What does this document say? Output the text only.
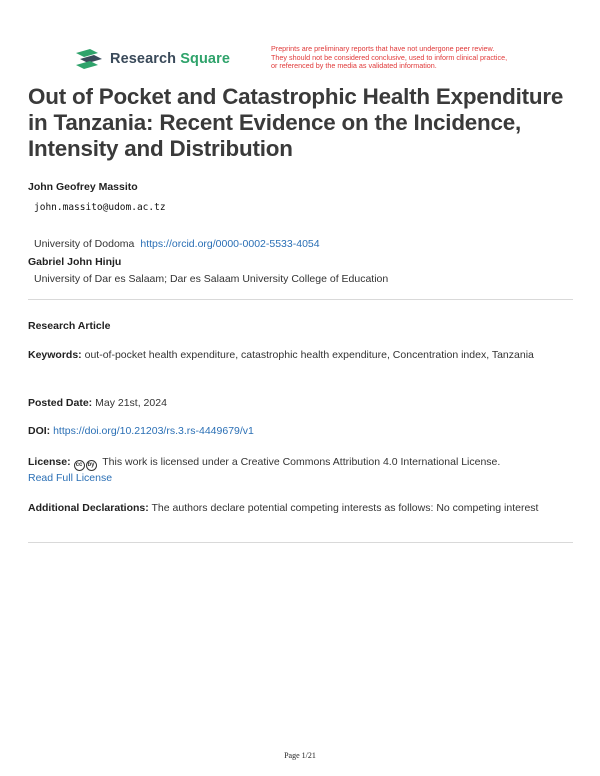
Research Square
Preprints are preliminary reports that have not undergone peer review.
They should not be considered conclusive, used to inform clinical practice,
or referenced by the media as validated information.
Out of Pocket and Catastrophic Health Expenditure in Tanzania: Recent Evidence on the Incidence, Intensity and Distribution
John Geofrey Massito
john.massito@udom.ac.tz
University of Dodoma https://orcid.org/0000-0002-5533-4054
Gabriel John Hinju
University of Dar es Salaam; Dar es Salaam University College of Education
Research Article
Keywords: out-of-pocket health expenditure, catastrophic health expenditure, Concentration index, Tanzania
Posted Date: May 21st, 2024
DOI: https://doi.org/10.21203/rs.3.rs-4449679/v1
License: cc by This work is licensed under a Creative Commons Attribution 4.0 International License.
Read Full License
Additional Declarations: The authors declare potential competing interests as follows: No competing interest
Page 1/21
